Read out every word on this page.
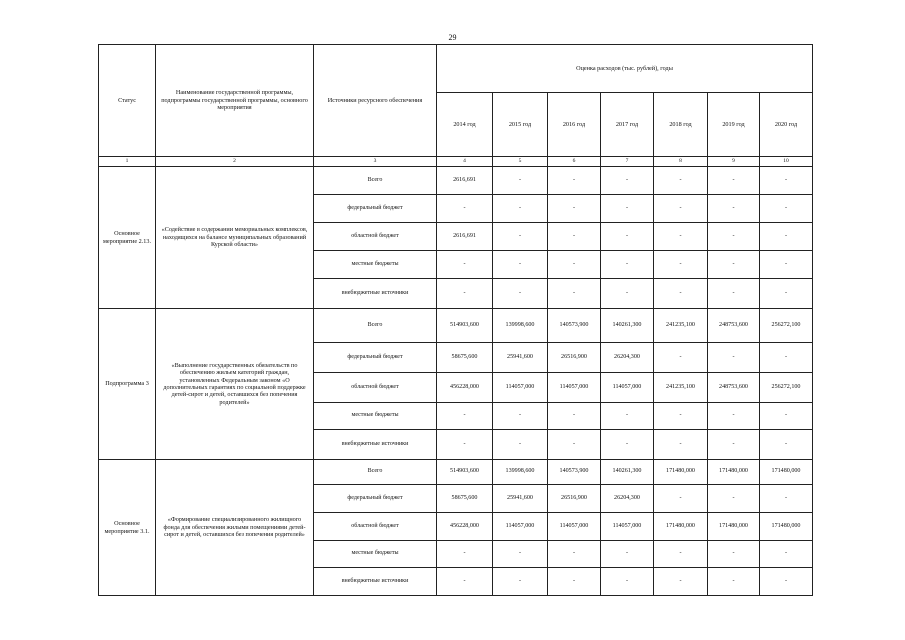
29
Статус	Наименование государственной программы, подпрограммы государственной программы, основного мероприятия	Источники ресурсного обеспечения	Оценка расходов (тыс. рублей), годы						
			2014 год	2015 год	2016 год	2017 год	2018 год	2019 год	2020 год
1	2	3	4	5	6	7	8	9	10
Основное мероприятие 2.13.	«Содействие в содержании мемориальных комплексов, находящихся на балансе муниципальных образований Курской области»	Всего	2616,691	-	-	-	-	-	-
		федеральный бюджет	-	-	-	-	-	-	-
		областной бюджет	2616,691	-	-	-	-	-	-
		местные бюджеты	-	-	-	-	-	-	-
		внебюджетные источники	-	-	-	-	-	-	-
Подпрограмма 3	«Выполнение государственных обязательств по обеспечению жильем категорий граждан, установленных Федеральным законом «О дополнительных гарантиях по социальной поддержке детей-сирот и детей, оставшихся без попечения родителей»	Всего	514903,600	139998,600	140573,900	140261,300	241235,100	248753,600	256272,100
		федеральный бюджет	58675,600	25941,600	26516,900	26204,300	-	-	-
		областной бюджет	456228,000	114057,000	114057,000	114057,000	241235,100	248753,600	256272,100
		местные бюджеты	-	-	-	-	-	-	-
		внебюджетные источники	-	-	-	-	-	-	-
Основное мероприятие 3.1.	«Формирование специализированного жилищного фонда для обеспечения жилыми помещениями детей-сирот и детей, оставшихся без попечения родителей»	Всего	514903,600	139998,600	140573,900	140261,300	171480,000	171480,000	171480,000
		федеральный бюджет	58675,600	25941,600	26516,900	26204,300	-	-	-
		областной бюджет	456228,000	114057,000	114057,000	114057,000	171480,000	171480,000	171480,000
		местные бюджеты	-	-	-	-	-	-	-
		внебюджетные источники	-	-	-	-	-	-	-
